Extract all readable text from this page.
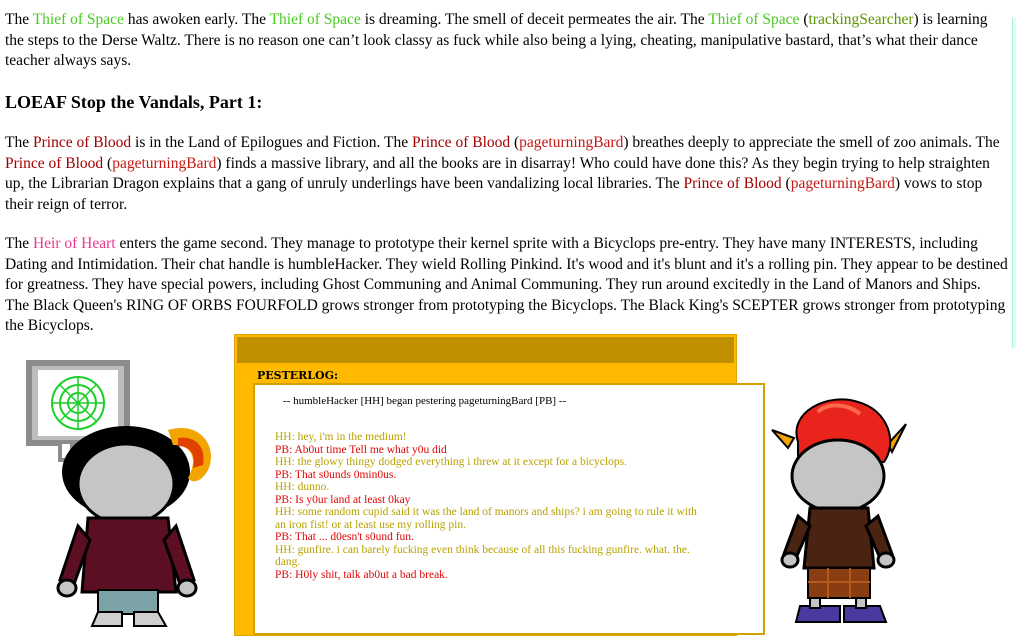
The Thief of Space has awoken early. The Thief of Space is dreaming. The smell of deceit permeates the air. The Thief of Space (trackingSearcher) is learning the steps to the Derse Waltz. There is no reason one can’t look classy as fuck while also being a lying, cheating, manipulative bastard, that’s what their dance teacher always says.

LOEAF Stop the Vandals, Part 1:

The Prince of Blood is in the Land of Epilogues and Fiction. The Prince of Blood (pageturningBard) breathes deeply to appreciate the smell of zoo animals. The Prince of Blood (pageturningBard) finds a massive library, and all the books are in disarray! Who could have done this? As they begin trying to help straighten up, the Librarian Dragon explains that a gang of unruly underlings have been vandalizing local libraries. The Prince of Blood (pageturningBard) vows to stop their reign of terror.

The Heir of Heart enters the game second. They manage to prototype their kernel sprite with a Bicyclops pre-entry. They have many INTERESTS, including Dating and Intimidation. Their chat handle is humbleHacker. They wield Rolling Pinkind. It's wood and it's blunt and it's a rolling pin. They appear to be destined for greatness. They have special powers, including Ghost Communing and Animal Communing. They run around excitedly in the Land of Manors and Ships. The Black Queen's RING OF ORBS FOURFOLD grows stronger from prototyping the Bicyclops. The Black King's SCEPTER grows stronger from prototyping the Bicyclops.

PESTERLOG:
-- humbleHacker [HH] began pestering pageturningBard [PB] --

HH: hey, i'm in the medium!

PB: Ab0ut time Tell me what y0u did

HH: the glowy thingy dodged everything i threw at it except for a bicyclops.

PB: That s0unds 0min0us.

HH: dunno.

PB: Is y0ur land at least 0kay

HH: some random cupid said it was the land of manors and ships? i am going to rule it with an iron fist! or at least use my rolling pin.

PB: That ... d0esn't s0und fun.

HH: gunfire. i can barely fucking even think because of all this fucking gunfire. what. the. dang.

PB: H0ly shit, talk ab0ut a bad break.
